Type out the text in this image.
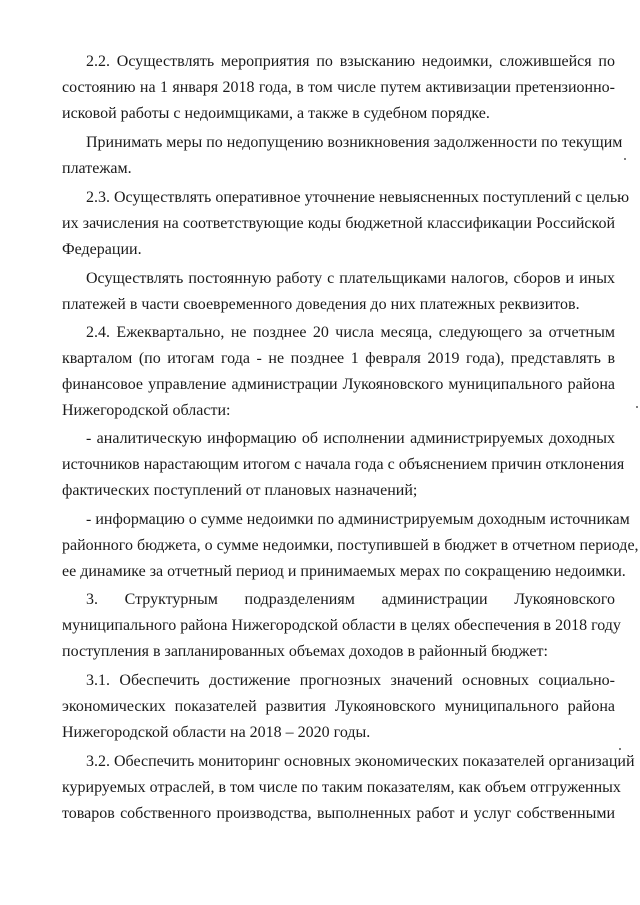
2.2. Осуществлять мероприятия по взысканию недоимки, сложившейся по
состоянию на 1 января 2018 года, в том числе путем активизации претензионно-
исковой работы с недоимщиками, а также в судебном порядке.
Принимать меры по недопущению возникновения задолженности по текущим
платежам.
2.3. Осуществлять оперативное уточнение невыясненных поступлений с целью
их зачисления на соответствующие коды бюджетной классификации Российской
Федерации.
Осуществлять постоянную работу с плательщиками налогов, сборов и иных
платежей в части своевременного доведения до них платежных реквизитов.
2.4. Ежеквартально, не позднее 20 числа месяца, следующего за отчетным
кварталом (по итогам года - не позднее 1 февраля 2019 года), представлять в
финансовое управление администрации Лукояновского муниципального района
Нижегородской области:
- аналитическую информацию об исполнении администрируемых доходных
источников нарастающим итогом с начала года с объяснением причин отклонения
фактических поступлений от плановых назначений;
- информацию о сумме недоимки по администрируемым доходным источникам
районного бюджета, о сумме недоимки, поступившей в бюджет в отчетном периоде,
ее динамике за отчетный период и принимаемых мерах по сокращению недоимки.
3. Структурным подразделениям администрации Лукояновского
муниципального района Нижегородской области в целях обеспечения в 2018 году
поступления в запланированных объемах доходов в районный бюджет:
3.1. Обеспечить достижение прогнозных значений основных социально-
экономических показателей развития Лукояновского муниципального района
Нижегородской области на 2018 – 2020 годы.
3.2. Обеспечить мониторинг основных экономических показателей организаций
курируемых отраслей, в том числе по таким показателям, как объем отгруженных
товаров собственного производства, выполненных работ и услуг собственными
